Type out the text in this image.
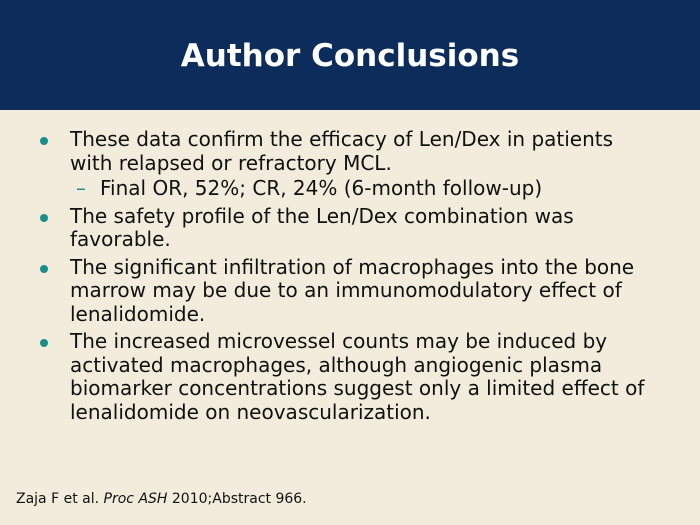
Author Conclusions
These data confirm the efficacy of Len/Dex in patients with relapsed or refractory MCL.
– Final OR, 52%; CR, 24% (6-month follow-up)
The safety profile of the Len/Dex combination was favorable.
The significant infiltration of macrophages into the bone marrow may be due to an immunomodulatory effect of lenalidomide.
The increased microvessel counts may be induced by activated macrophages, although angiogenic plasma biomarker concentrations suggest only a limited effect of lenalidomide on neovascularization.
Zaja F et al. Proc ASH 2010;Abstract 966.
